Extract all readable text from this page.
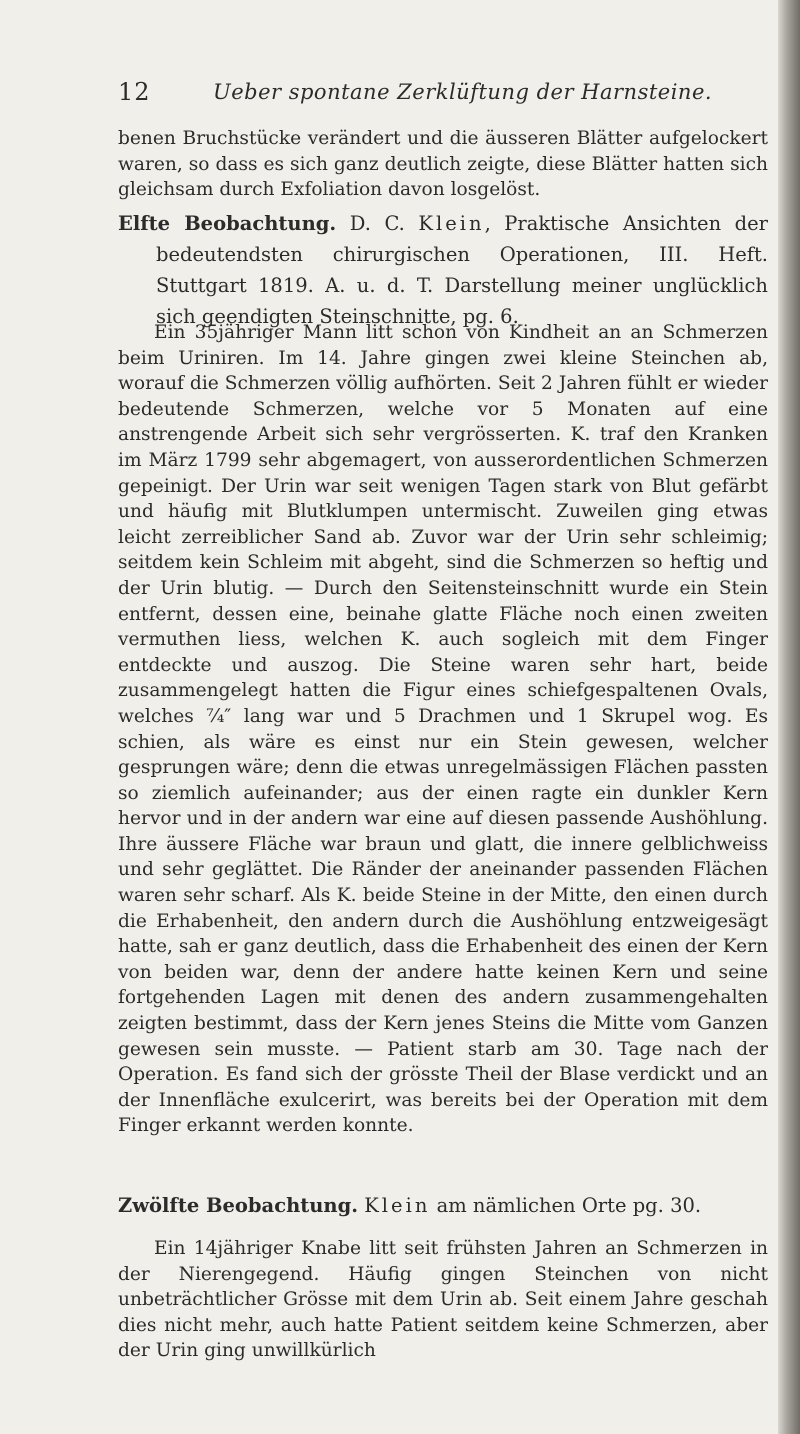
12	Ueber spontane Zerklüftung der Harnsteine.

benen Bruchstücke verändert und die äusseren Blätter aufgelockert waren, so dass es sich ganz deutlich zeigte, diese Blätter hatten sich gleichsam durch Exfoliation davon losgelöst.

Elfte Beobachtung. D. C. Klein, Praktische Ansichten der bedeutendsten chirurgischen Operationen, III. Heft. Stuttgart 1819. A. u. d. T. Darstellung meiner unglücklich sich geendigten Steinschnitte, pg. 6.

Ein 35jähriger Mann litt schon von Kindheit an an Schmerzen beim Uriniren. Im 14. Jahre gingen zwei kleine Steinchen ab, worauf die Schmerzen völlig aufhörten. Seit 2 Jahren fühlt er wieder bedeutende Schmerzen, welche vor 5 Monaten auf eine anstrengende Arbeit sich sehr vergrösserten. K. traf den Kranken im März 1799 sehr abgemagert, von ausserordentlichen Schmerzen gepeinigt. Der Urin war seit wenigen Tagen stark von Blut gefärbt und häufig mit Blutklumpen untermischt. Zuweilen ging etwas leicht zerreiblicher Sand ab. Zuvor war der Urin sehr schleimig; seitdem kein Schleim mit abgeht, sind die Schmerzen so heftig und der Urin blutig. — Durch den Seitensteinschnitt wurde ein Stein entfernt, dessen eine, beinahe glatte Fläche noch einen zweiten vermuthen liess, welchen K. auch sogleich mit dem Finger entdeckte und auszog. Die Steine waren sehr hart, beide zusammengelegt hatten die Figur eines schiefgespaltenen Ovals, welches ⁷⁄₄″ lang war und 5 Drachmen und 1 Skrupel wog. Es schien, als wäre es einst nur ein Stein gewesen, welcher gesprungen wäre; denn die etwas unregelmässigen Flächen passten so ziemlich aufeinander; aus der einen ragte ein dunkler Kern hervor und in der andern war eine auf diesen passende Aushöhlung. Ihre äussere Fläche war braun und glatt, die innere gelblichweiss und sehr geglättet. Die Ränder der aneinander passenden Flächen waren sehr scharf. Als K. beide Steine in der Mitte, den einen durch die Erhabenheit, den andern durch die Aushöhlung entzweigesägt hatte, sah er ganz deutlich, dass die Erhabenheit des einen der Kern von beiden war, denn der andere hatte keinen Kern und seine fortgehenden Lagen mit denen des andern zusammengehalten zeigten bestimmt, dass der Kern jenes Steins die Mitte vom Ganzen gewesen sein musste. — Patient starb am 30. Tage nach der Operation. Es fand sich der grösste Theil der Blase verdickt und an der Innenfläche exulcerirt, was bereits bei der Operation mit dem Finger erkannt werden konnte.

Zwölfte Beobachtung. Klein am nämlichen Orte pg. 30.

Ein 14jähriger Knabe litt seit frühsten Jahren an Schmerzen in der Nierengegend. Häufig gingen Steinchen von nicht unbeträchtlicher Grösse mit dem Urin ab. Seit einem Jahre geschah dies nicht mehr, auch hatte Patient seitdem keine Schmerzen, aber der Urin ging unwillkürlich
